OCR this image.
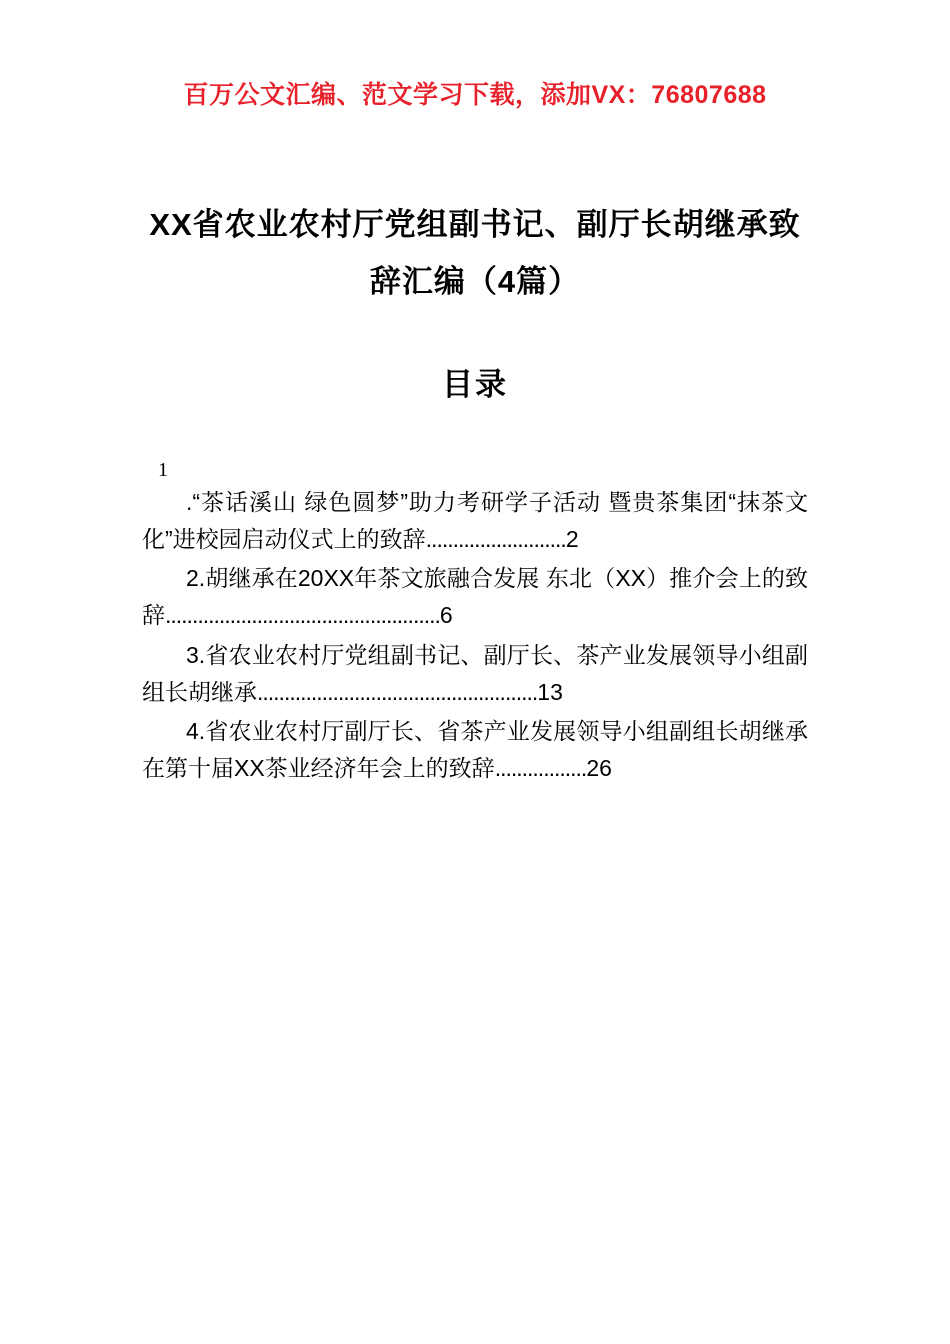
百万公文汇编、范文学习下载，添加VX：76807688
XX省农业农村厅党组副书记、副厅长胡继承致辞汇编（4篇）
目录
1
.“茶话溪山 绿色圆梦”助力考研学子活动 暨贵茶集团“抹茶文化”进校园启动仪式上的致辞..........................2
2.胡继承在20XX年茶文旅融合发展 东北（XX）推介会上的致辞...................................................6
3.省农业农村厅党组副书记、副厅长、茶产业发展领导小组副组长胡继承....................................................13
4.省农业农村厅副厅长、省茶产业发展领导小组副组长胡继承 在第十届XX茶业经济年会上的致辞.................26
